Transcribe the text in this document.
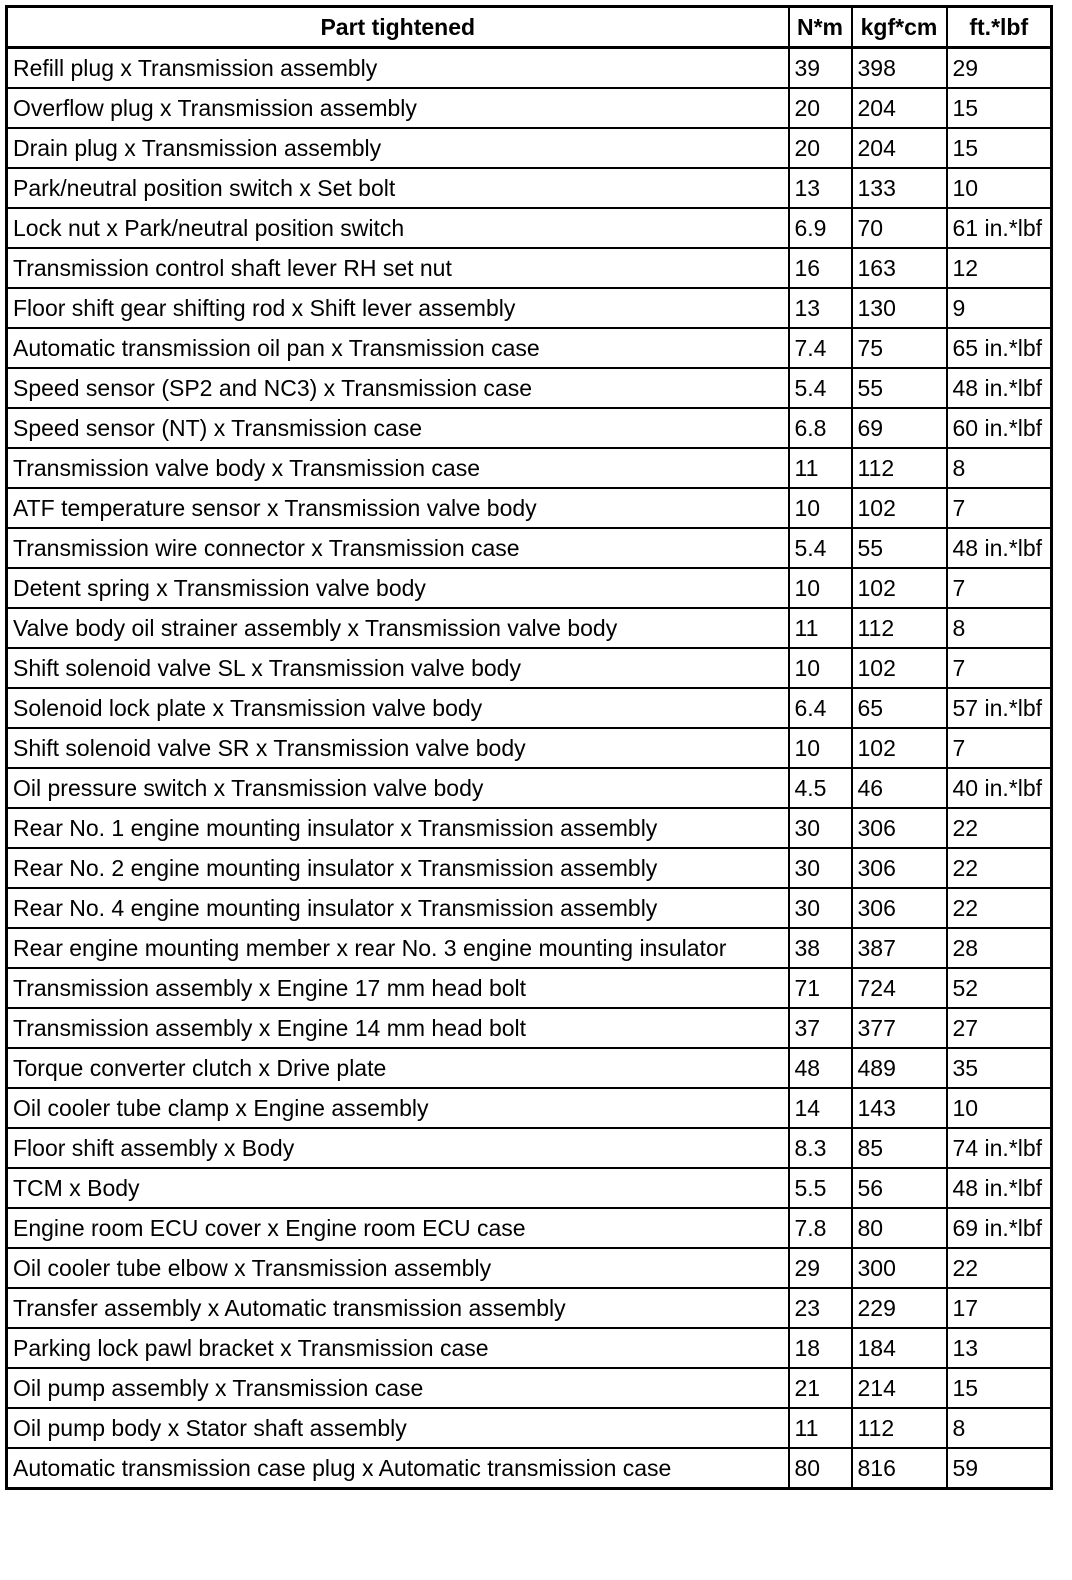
Part tightened	N*m	kgf*cm	ft.*lbf
Refill plug x Transmission assembly	39	398	29
Overflow plug x Transmission assembly	20	204	15
Drain plug x Transmission assembly	20	204	15
Park/neutral position switch x Set bolt	13	133	10
Lock nut x Park/neutral position switch	6.9	70	61 in.*lbf
Transmission control shaft lever RH set nut	16	163	12
Floor shift gear shifting rod x Shift lever assembly	13	130	9
Automatic transmission oil pan x Transmission case	7.4	75	65 in.*lbf
Speed sensor (SP2 and NC3) x Transmission case	5.4	55	48 in.*lbf
Speed sensor (NT) x Transmission case	6.8	69	60 in.*lbf
Transmission valve body x Transmission case	11	112	8
ATF temperature sensor x Transmission valve body	10	102	7
Transmission wire connector x Transmission case	5.4	55	48 in.*lbf
Detent spring x Transmission valve body	10	102	7
Valve body oil strainer assembly x Transmission valve body	11	112	8
Shift solenoid valve SL x Transmission valve body	10	102	7
Solenoid lock plate x Transmission valve body	6.4	65	57 in.*lbf
Shift solenoid valve SR x Transmission valve body	10	102	7
Oil pressure switch x Transmission valve body	4.5	46	40 in.*lbf
Rear No. 1 engine mounting insulator x Transmission assembly	30	306	22
Rear No. 2 engine mounting insulator x Transmission assembly	30	306	22
Rear No. 4 engine mounting insulator x Transmission assembly	30	306	22
Rear engine mounting member x rear No. 3 engine mounting insulator	38	387	28
Transmission assembly x Engine 17 mm head bolt	71	724	52
Transmission assembly x Engine 14 mm head bolt	37	377	27
Torque converter clutch x Drive plate	48	489	35
Oil cooler tube clamp x Engine assembly	14	143	10
Floor shift assembly x Body	8.3	85	74 in.*lbf
TCM x Body	5.5	56	48 in.*lbf
Engine room ECU cover x Engine room ECU case	7.8	80	69 in.*lbf
Oil cooler tube elbow x Transmission assembly	29	300	22
Transfer assembly x Automatic transmission assembly	23	229	17
Parking lock pawl bracket x Transmission case	18	184	13
Oil pump assembly x Transmission case	21	214	15
Oil pump body x Stator shaft assembly	11	112	8
Automatic transmission case plug x Automatic transmission case	80	816	59
